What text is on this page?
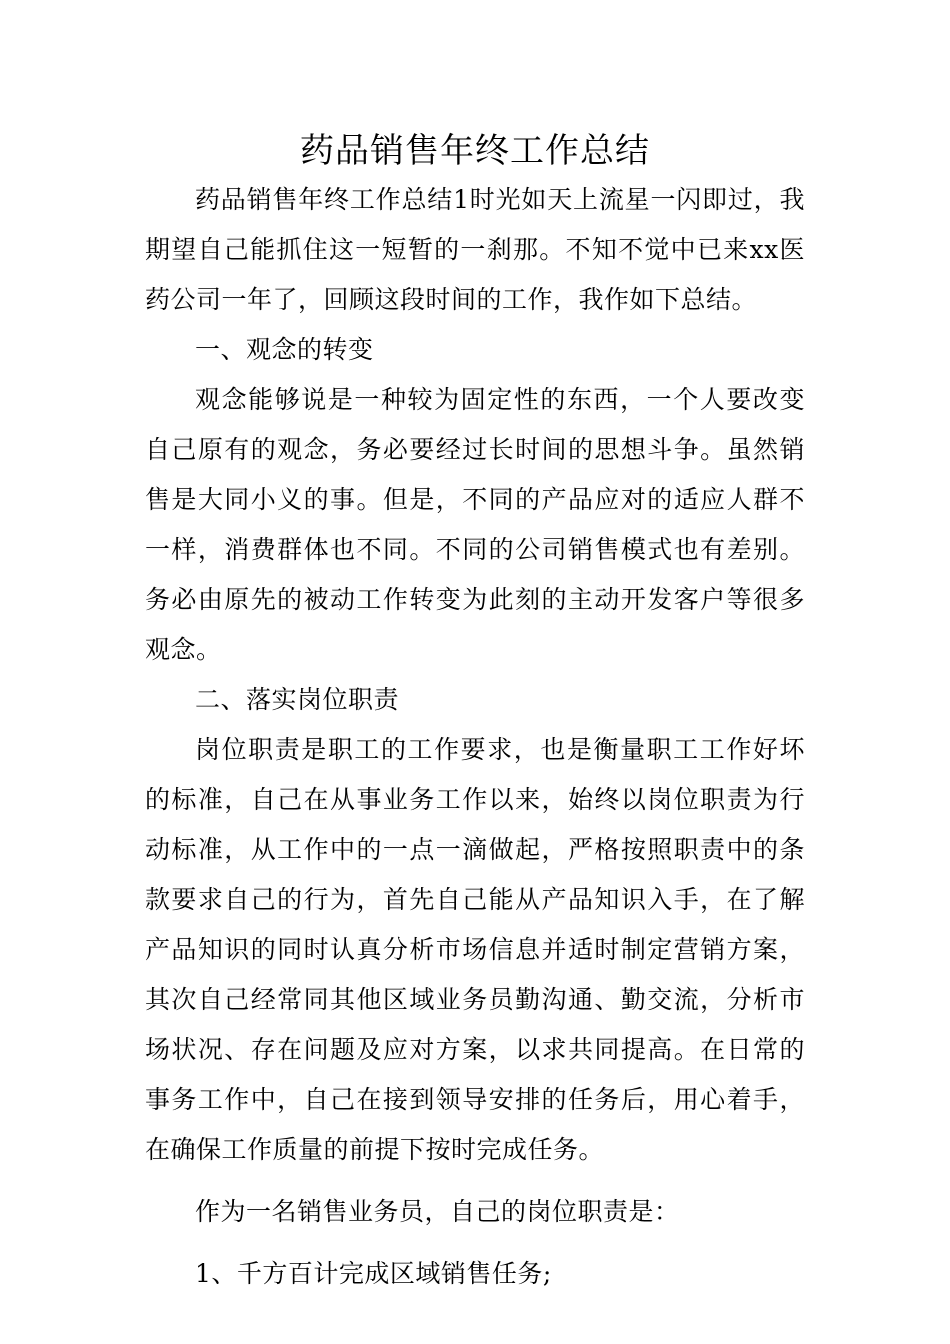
药品销售年终工作总结

药品销售年终工作总结1时光如天上流星一闪即过，我期望自己能抓住这一短暂的一刹那。不知不觉中已来xx医药公司一年了，回顾这段时间的工作，我作如下总结。

一、观念的转变

观念能够说是一种较为固定性的东西，一个人要改变自己原有的观念，务必要经过长时间的思想斗争。虽然销售是大同小义的事。但是，不同的产品应对的适应人群不一样，消费群体也不同。不同的公司销售模式也有差别。务必由原先的被动工作转变为此刻的主动开发客户等很多观念。

二、落实岗位职责

岗位职责是职工的工作要求，也是衡量职工工作好坏的标准，自己在从事业务工作以来，始终以岗位职责为行动标准，从工作中的一点一滴做起，严格按照职责中的条款要求自己的行为，首先自己能从产品知识入手，在了解产品知识的同时认真分析市场信息并适时制定营销方案，其次自己经常同其他区域业务员勤沟通、勤交流，分析市场状况、存在问题及应对方案，以求共同提高。在日常的事务工作中，自己在接到领导安排的任务后，用心着手，在确保工作质量的前提下按时完成任务。

作为一名销售业务员，自己的岗位职责是：

1、千方百计完成区域销售任务;
